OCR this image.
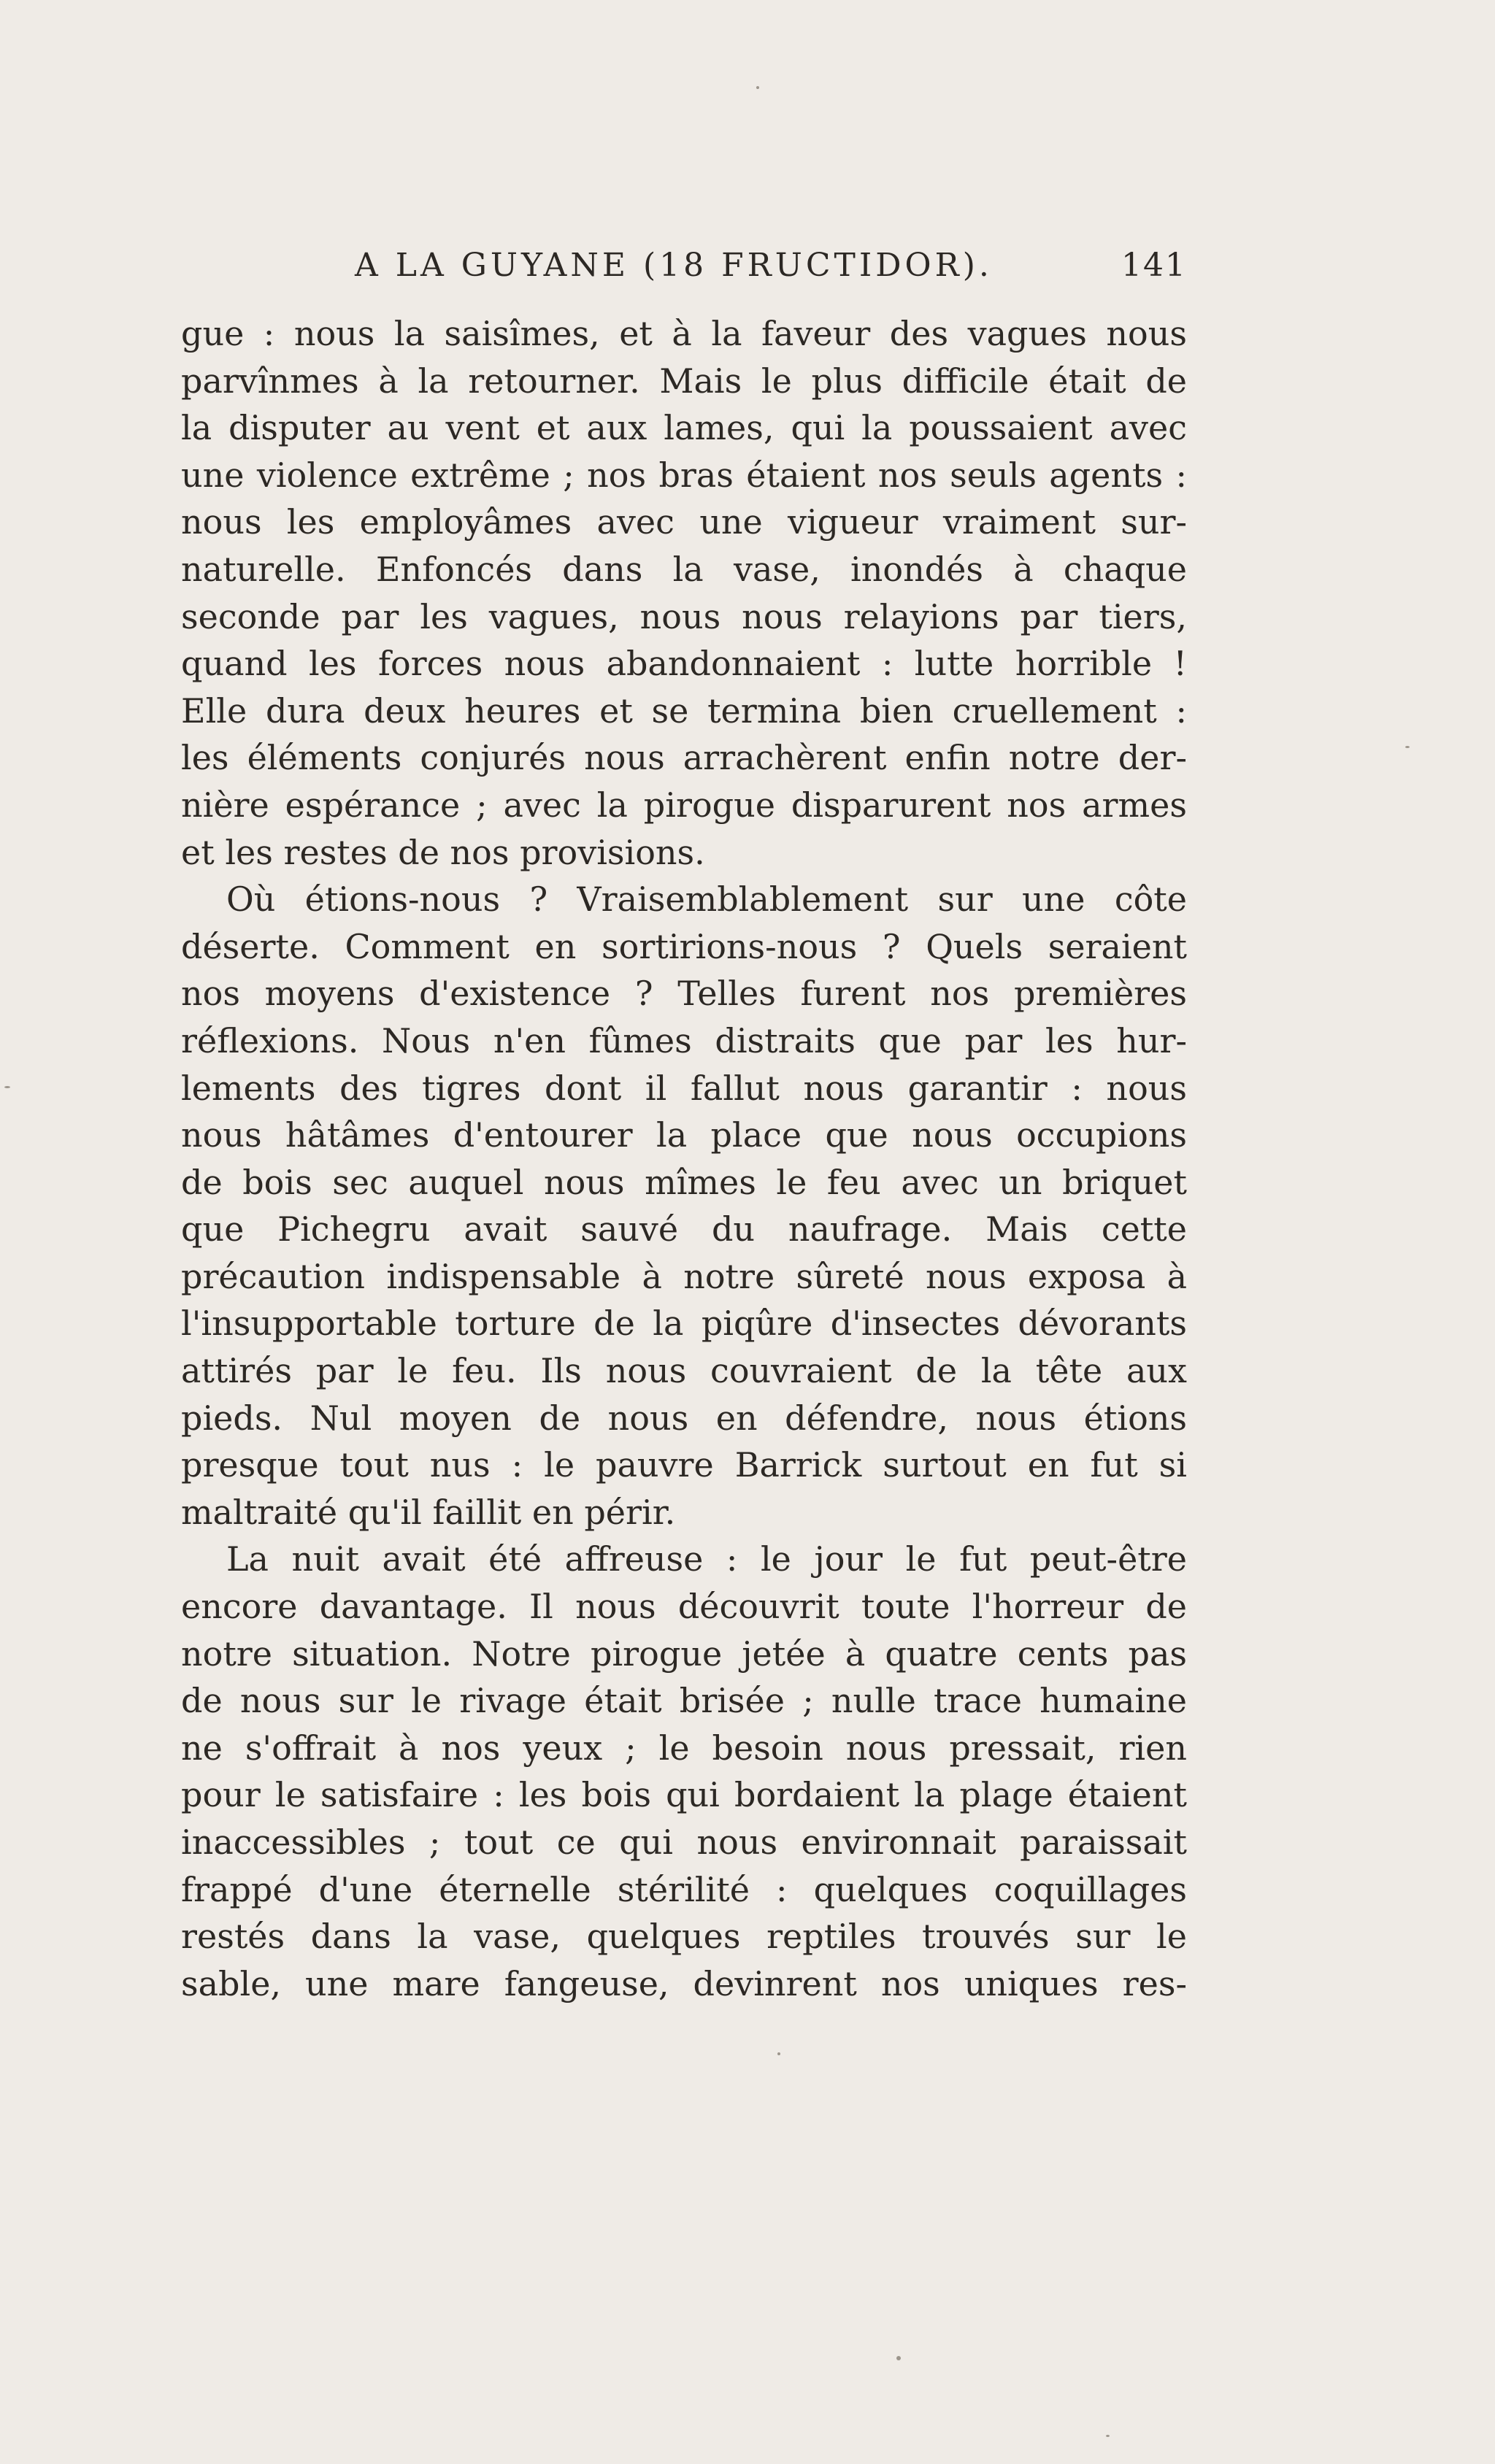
A LA GUYANE (18 FRUCTIDOR).	141
gue : nous la saisîmes, et à la faveur des vagues nous
parvînmes à la retourner. Mais le plus difficile était de
la disputer au vent et aux lames, qui la poussaient avec
une violence extrême ; nos bras étaient nos seuls agents :
nous les employâmes avec une vigueur vraiment sur-
naturelle. Enfoncés dans la vase, inondés à chaque
seconde par les vagues, nous nous relayions par tiers,
quand les forces nous abandonnaient : lutte horrible !
Elle dura deux heures et se termina bien cruellement :
les éléments conjurés nous arrachèrent enfin notre der-
nière espérance ; avec la pirogue disparurent nos armes
et les restes de nos provisions.
Où étions-nous ? Vraisemblablement sur une côte
déserte. Comment en sortirions-nous ? Quels seraient
nos moyens d'existence ? Telles furent nos premières
réflexions. Nous n'en fûmes distraits que par les hur-
lements des tigres dont il fallut nous garantir : nous
nous hâtâmes d'entourer la place que nous occupions
de bois sec auquel nous mîmes le feu avec un briquet
que Pichegru avait sauvé du naufrage. Mais cette
précaution indispensable à notre sûreté nous exposa à
l'insupportable torture de la piqûre d'insectes dévorants
attirés par le feu. Ils nous couvraient de la tête aux
pieds. Nul moyen de nous en défendre, nous étions
presque tout nus : le pauvre Barrick surtout en fut si
maltraité qu'il faillit en périr.
La nuit avait été affreuse : le jour le fut peut-être
encore davantage. Il nous découvrit toute l'horreur de
notre situation. Notre pirogue jetée à quatre cents pas
de nous sur le rivage était brisée ; nulle trace humaine
ne s'offrait à nos yeux ; le besoin nous pressait, rien
pour le satisfaire : les bois qui bordaient la plage étaient
inaccessibles ; tout ce qui nous environnait paraissait
frappé d'une éternelle stérilité : quelques coquillages
restés dans la vase, quelques reptiles trouvés sur le
sable, une mare fangeuse, devinrent nos uniques res-
